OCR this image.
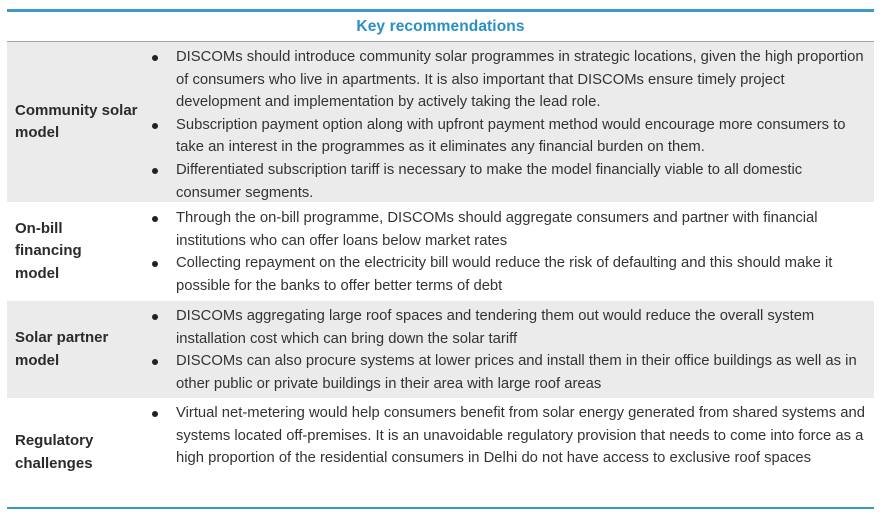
Key recommendations
Community solar model
DISCOMs should introduce community solar programmes in strategic locations, given the high proportion of consumers who live in apartments. It is also important that DISCOMs ensure timely project development and implementation by actively taking the lead role.
Subscription payment option along with upfront payment method would encourage more consumers to take an interest in the programmes as it eliminates any financial burden on them.
Differentiated subscription tariff is necessary to make the model financially viable to all domestic consumer segments.
On-bill financing model
Through the on-bill programme, DISCOMs should aggregate consumers and partner with financial institutions who can offer loans below market rates
Collecting repayment on the electricity bill would reduce the risk of defaulting and this should make it possible for the banks to offer better terms of debt
Solar partner model
DISCOMs aggregating large roof spaces and tendering them out would reduce the overall system installation cost which can bring down the solar tariff
DISCOMs can also procure systems at lower prices and install them in their office buildings as well as in other public or private buildings in their area with large roof areas
Regulatory challenges
Virtual net-metering would help consumers benefit from solar energy generated from shared systems and systems located off-premises. It is an unavoidable regulatory provision that needs to come into force as a high proportion of the residential consumers in Delhi do not have access to exclusive roof spaces
